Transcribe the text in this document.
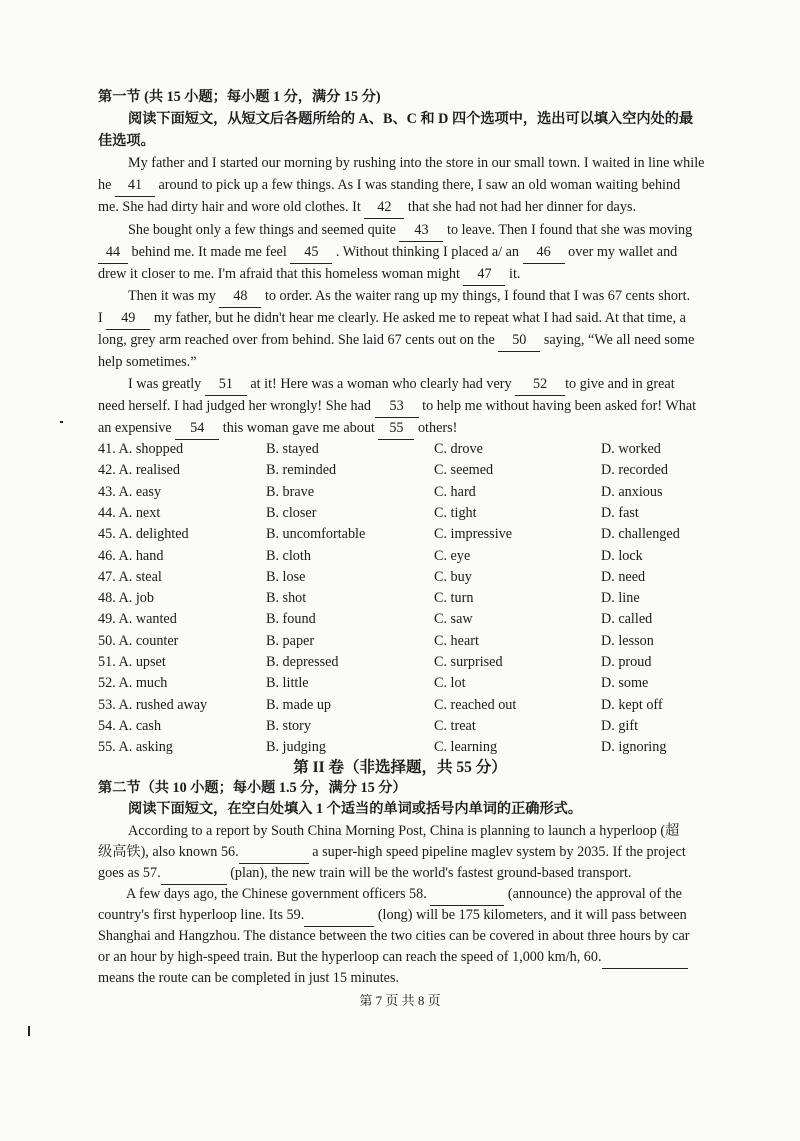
第一节 (共 15 小题；每小题 1 分，满分 15 分)
阅读下面短文，从短文后各题所给的 A、B、C 和 D 四个选项中，选出可以填入空内处的最
佳选项。
My father and I started our morning by rushing into the store in our small town. I waited in line while
he 41 around to pick up a few things. As I was standing there, I saw an old woman waiting behind
me. She had dirty hair and wore old clothes. It 42 that she had not had her dinner for days.
She bought only a few things and seemed quite 43 to leave. Then I found that she was moving
44 behind me. It made me feel 45 . Without thinking I placed a/ an 46 over my wallet and
drew it closer to me. I'm afraid that this homeless woman might 47 it.
Then it was my 48 to order. As the waiter rang up my things, I found that I was 67 cents short.
I 49 my father, but he didn't hear me clearly. He asked me to repeat what I had said. At that time, a
long, grey arm reached over from behind. She laid 67 cents out on the 50 saying, “We all need some
help sometimes.”
I was greatly 51 at it! Here was a woman who clearly had very 52 to give and in great
need herself. I had judged her wrongly! She had 53 to help me without having been asked for! What
an expensive 54 this woman gave me about 55 others!
41. A. shopped	B. stayed	C. drove	D. worked
42. A. realised	B. reminded	C. seemed	D. recorded
43. A. easy	B. brave	C. hard	D. anxious
44. A. next	B. closer	C. tight	D. fast
45. A. delighted	B. uncomfortable	C. impressive	D. challenged
46. A. hand	B. cloth	C. eye	D. lock
47. A. steal	B. lose	C. buy	D. need
48. A. job	B. shot	C. turn	D. line
49. A. wanted	B. found	C. saw	D. called
50. A. counter	B. paper	C. heart	D. lesson
51. A. upset	B. depressed	C. surprised	D. proud
52. A. much	B. little	C. lot	D. some
53. A. rushed away	B. made up	C. reached out	D. kept off
54. A. cash	B. story	C. treat	D. gift
55. A. asking	B. judging	C. learning	D. ignoring
第 II 卷（非选择题，共 55 分）
第二节（共 10 小题；每小题 1.5 分，满分 15 分）
阅读下面短文，在空白处填入 1 个适当的单词或括号内单词的正确形式。
According to a report by South China Morning Post, China is planning to launch a hyperloop (超
级高铁), also known 56.	a super-high speed pipeline maglev system by 2035. If the project
goes as 57.	(plan), the new train will be the world's fastest ground-based transport.
A few days ago, the Chinese government officers 58.	(announce) the approval of the
country's first hyperloop line. Its 59.	(long) will be 175 kilometers, and it will pass between
Shanghai and Hangzhou. The distance between the two cities can be covered in about three hours by car
or an hour by high-speed train. But the hyperloop can reach the speed of 1,000 km/h, 60.
means the route can be completed in just 15 minutes.
第 7 页 共 8 页
